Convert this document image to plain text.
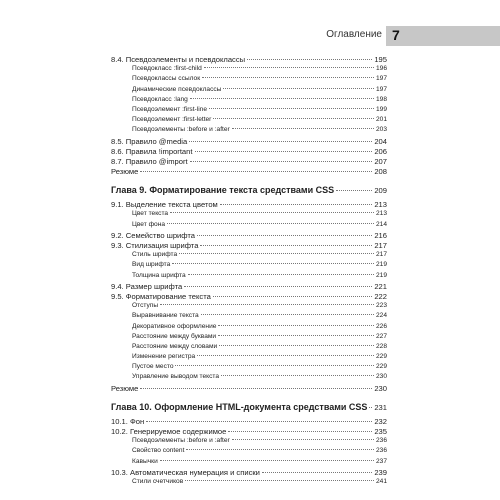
Оглавление 7
8.4. Псевдоэлементы и псевдоклассы	195
Псевдокласс :first-child	196
Псевдоклассы ссылок	197
Динамические псевдоклассы	197
Псевдокласс :lang	198
Псевдоэлемент :first-line	199
Псевдоэлемент :first-letter	201
Псевдоэлементы :before и :after	203
8.5. Правило @media	204
8.6. Правила !important	206
8.7. Правило @import	207
Резюме	208
Глава 9. Форматирование текста средствами CSS	209
9.1. Выделение текста цветом	213
Цвет текста	213
Цвет фона	214
9.2. Семейство шрифта	216
9.3. Стилизация шрифта	217
Стиль шрифта	217
Вид шрифта	219
Толщина шрифта	219
9.4. Размер шрифта	221
9.5. Форматирование текста	222
Отступы	223
Выравнивание текста	224
Декоративное оформление	226
Расстояние между буквами	227
Расстояние между словами	228
Изменение регистра	229
Пустое место	229
Управление выводом текста	230
Резюме	230
Глава 10. Оформление HTML-документа средствами CSS 231
10.1. Фон	232
10.2. Генерируемое содержимое	235
Псевдоэлементы :before и :after	236
Свойство content	236
Кавычки	237
10.3. Автоматическая нумерация и списки	239
Стили счетчиков	241
